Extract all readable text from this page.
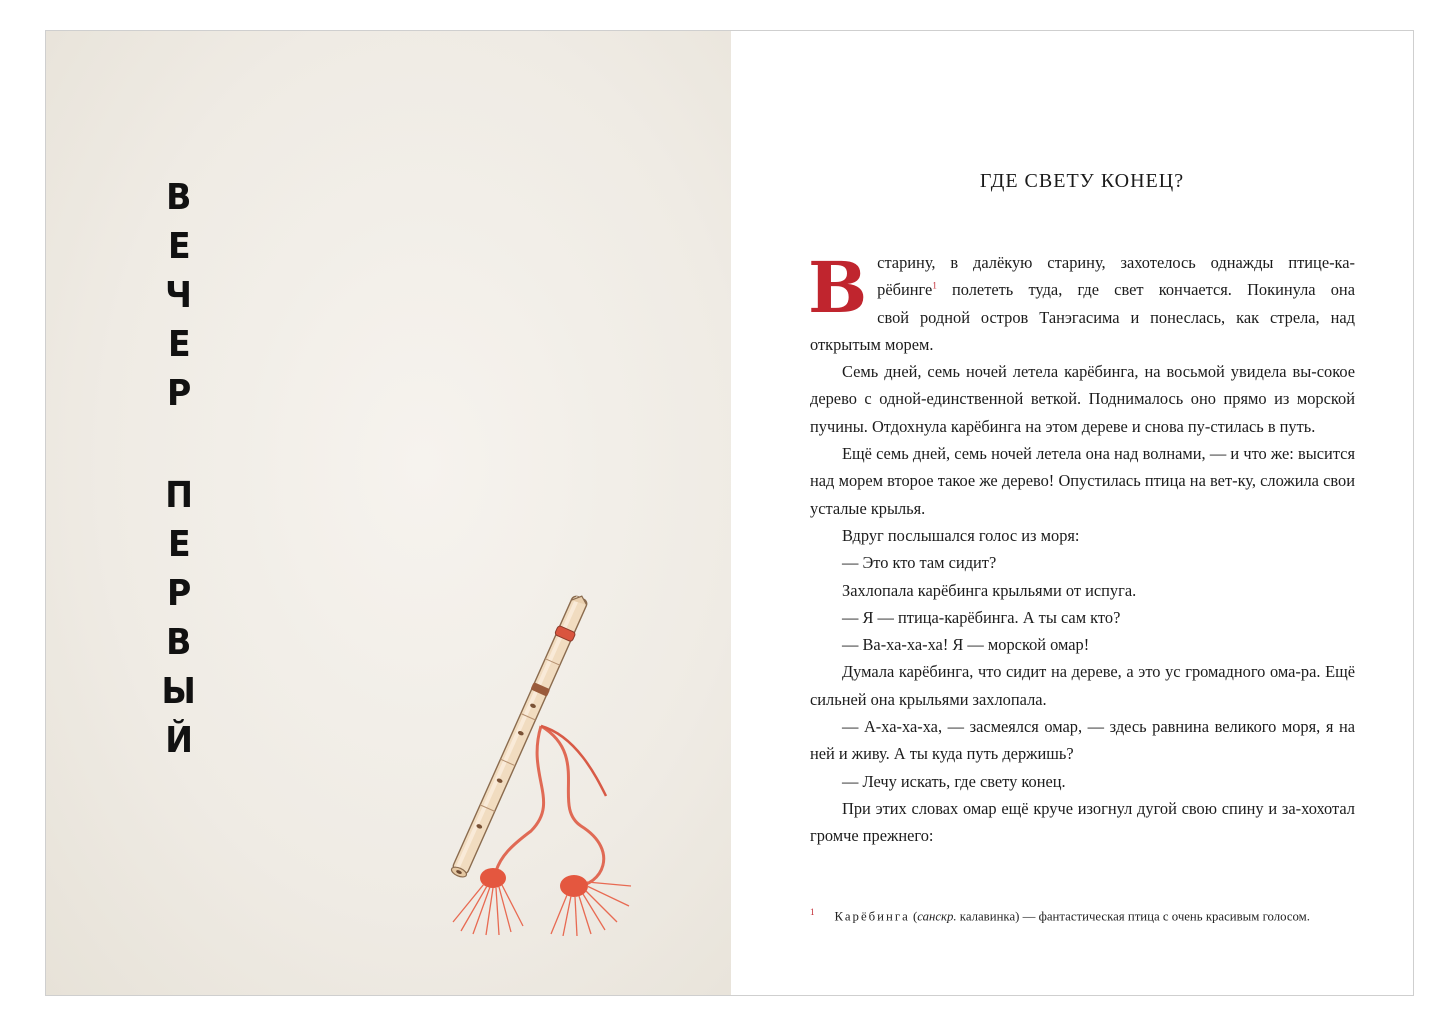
В
Е
Ч
Е
Р
П
Е
Р
В
Ы
Й
ГДЕ СВЕТУ КОНЕЦ?
В старину, в далёкую старину, захотелось однажды птице-ка-
рёбинге$^1$ полететь туда, где свет кончается. Покинула она
свой родной остров Танэгасима и понеслась, как стрела, над
открытым морем.
Семь дней, семь ночей летела карёбинга, на восьмой увидела вы-сокое дерево с одной-единственной веткой. Поднималось оно прямо из морской пучины. Отдохнула карёбинга на этом дереве и снова пу-стилась в путь.
Ещё семь дней, семь ночей летела она над волнами, — и что же: высится над морем второе такое же дерево! Опустилась птица на вет-ку, сложила свои усталые крылья.
Вдруг послышался голос из моря:
— Это кто там сидит?
Захлопала карёбинга крыльями от испуга.
— Я — птица-карёбинга. А ты сам кто?
— Ва-ха-ха-ха! Я — морской омар!
Думала карёбинга, что сидит на дереве, а это ус громадного ома-ра. Ещё сильней она крыльями захлопала.
— А-ха-ха-ха, — засмеялся омар, — здесь равнина великого моря, я на ней и живу. А ты куда путь держишь?
— Лечу искать, где свету конец.
При этих словах омар ещё круче изогнул дугой свою спину и за-хохотал громче прежнего:
$^1$ Карёбинга (санскр. калавинка) — фантастическая птица с очень красивым голосом.
